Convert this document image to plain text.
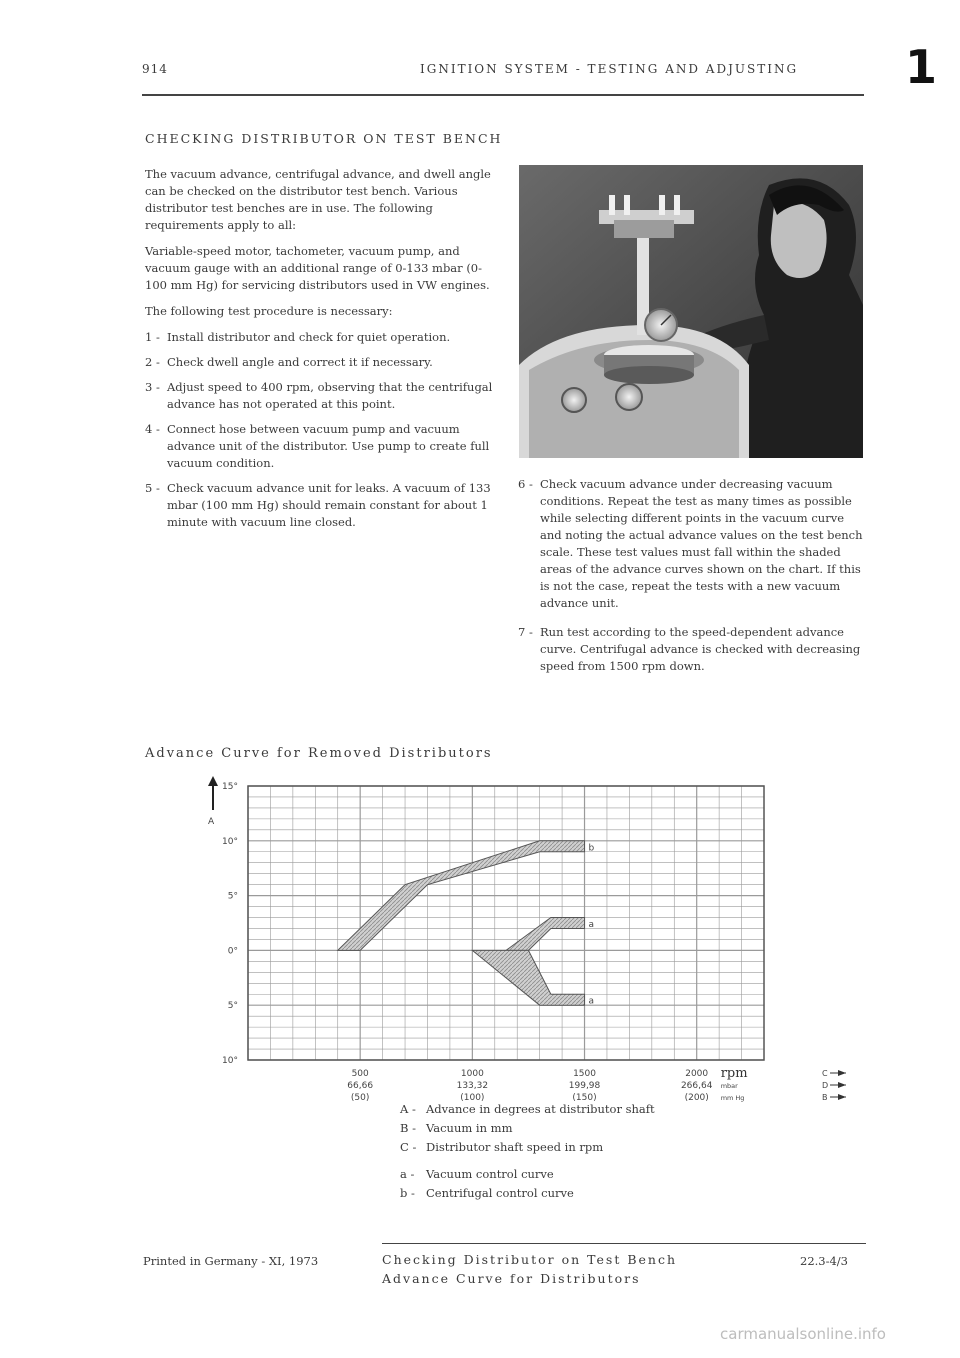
914	IGNITION SYSTEM - TESTING AND ADJUSTING 1
CHECKING DISTRIBUTOR ON TEST BENCH

The vacuum advance, centrifugal advance, and dwell angle can be checked on the distributor test bench. Various distributor test benches are in use. The following requirements apply to all:

Variable-speed motor, tachometer, vacuum pump, and vacuum gauge with an additional range of 0-133 mbar (0-100 mm Hg) for servicing distributors used in VW engines.

The following test procedure is necessary:

1 - Install distributor and check for quiet operation.
2 - Check dwell angle and correct it if necessary.
3 - Adjust speed to 400 rpm, observing that the centrifugal advance has not operated at this point.
4 - Connect hose between vacuum pump and vacuum advance unit of the distributor. Use pump to create full vacuum condition.
5 - Check vacuum advance unit for leaks. A vacuum of 133 mbar (100 mm Hg) should remain constant for about 1 minute with vacuum line closed.
6 - Check vacuum advance under decreasing vacuum conditions. Repeat the test as many times as possible while selecting different points in the vacuum curve and noting the actual advance values on the test bench scale. These test values must fall within the shaded areas of the advance curves shown on the chart. If this is not the case, repeat the tests with a new vacuum advance unit.
7 - Run test according to the speed-dependent advance curve. Centrifugal advance is checked with decreasing speed from 1500 rpm down.
Advance Curve for Removed Distributors
b
a
a
15°
10°
5°
0°
5°
10°
A
500
66,66
(50)
1000
133,32
(100)
1500
199,98
(150)
2000
266,64
(200)
rpm
mbar
mm Hg
C
D
B
A - Advance in degrees at distributor shaft
B - Vacuum in mm
C - Distributor shaft speed in rpm
a -	Vacuum control curve
b - Centrifugal control curve
Printed in Germany - XI, 1973	Checking Distributor on Test Bench
Advance Curve for Distributors
22.3-4/3
carmanualsonline.info
